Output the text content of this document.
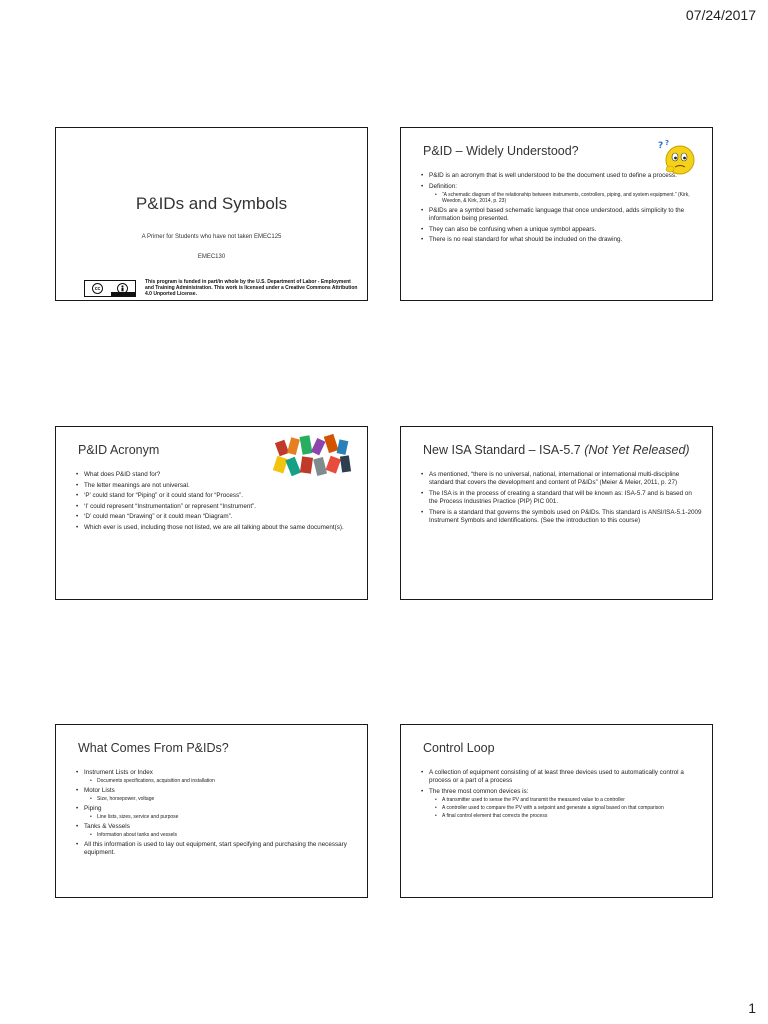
07/24/2017
P&IDs and Symbols
A Primer for Students who have not taken EMEC125
EMEC130
cc
This program is funded in part/in whole by the U.S. Department of Labor - Employment and Training Administration. This work is licensed under a Creative Commons Attribution 4.0 Unported License.
P&ID – Widely Understood?	? ?
• P&ID is an acronym that is well understood to be the document used to define a process.
• Definition:
• “A schematic diagram of the relationship between instruments, controllers, piping, and system equipment.” (Kirk, Weedon, & Kirk, 2014, p. 23)
• P&IDs are a symbol based schematic language that once understood, adds simplicity to the information being presented.
• They can also be confusing when a unique symbol appears.
• There is no real standard for what should be included on the drawing.
P&ID Acronym
• What does P&ID stand for?
• The letter meanings are not universal.
• ‘P’ could stand for “Piping” or it could stand for “Process”.
• ‘I’ could represent “Instrumentation” or represent “Instrument”.
• ‘D’ could mean “Drawing” or it could mean “Diagram”.
• Which ever is used, including those not listed, we are all talking about the same document(s).
New ISA Standard – ISA-5.7 (Not Yet Released)
• As mentioned, “there is no universal, national, international or international multi-discipline standard that covers the development and content of P&IDs” (Meier & Meier, 2011, p. 27)
• The ISA is in the process of creating a standard that will be known as: ISA-5.7 and is based on the Process Industries Practice (PIP) PIC 001.
• There is a standard that governs the symbols used on P&IDs. This standard is ANSI/ISA-5.1-2009 Instrument Symbols and Identifications. (See the introduction to this course)
What Comes From P&IDs?
• Instrument Lists or Index
• Documents specifications, acquisition and installation
• Motor Lists
• Size, horsepower, voltage
• Piping
• Line lists, sizes, service and purpose
• Tanks & Vessels
• Information about tanks and vessels
• All this information is used to lay out equipment, start specifying and purchasing the necessary equipment.
Control Loop
• A collection of equipment consisting of at least three devices used to automatically control a process or a part of a process
• The three most common devices is:
• A transmitter used to sense the PV and transmit the measured value to a controller
• A controller used to compare the PV with a setpoint and generate a signal based on that comparison
• A final control element that corrects the process
1
